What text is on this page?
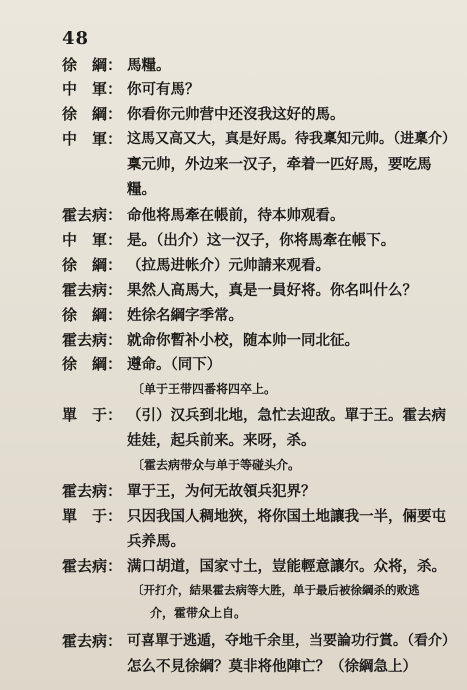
48
徐　綱： 馬糧。
中　軍： 你可有馬？
徐　綱： 你看你元帅营中还沒我这好的馬。
中　軍： 这馬又高又大，真是好馬。待我稟知元帅。（进稟介）
稟元帅，外边来一汉子，牵着一匹好馬，要吃馬
糧。
霍去病： 命他将馬牽在帳前，待本帅观看。
中　軍： 是。（出介）这一汉子，你将馬牽在帳下。
徐　綱： （拉馬进帐介）元帅請来观看。
霍去病： 果然人高馬大，真是一員好将。你名叫什么？
徐　綱： 姓徐名綱字季常。
霍去病： 就命你暫补小校，随本帅一同北征。
徐　綱： 遵命。（同下）
〔单于王带四番将四卒上。
單　于： （引）汉兵到北地，急忙去迎敌。單于王。霍去病
娃娃，起兵前来。来呀，杀。
〔霍去病带众与单于等碰头介。
霍去病： 單于王，为何无故領兵犯界？
單　于： 只因我国人稠地狹，将你国土地讓我一半，倆要屯
兵养馬。
霍去病： 满口胡道，国家寸土，豈能輕意讓尔。众将，杀。
〔开打介，結果霍去病等大胜，单于最后被徐綱杀的败逃
介，霍带众上自。
霍去病： 可喜單于逃遁，夺地千余里，当要論功行賞。（看介）
怎么不見徐綱？莫非将他陣亡？（徐綱急上）
